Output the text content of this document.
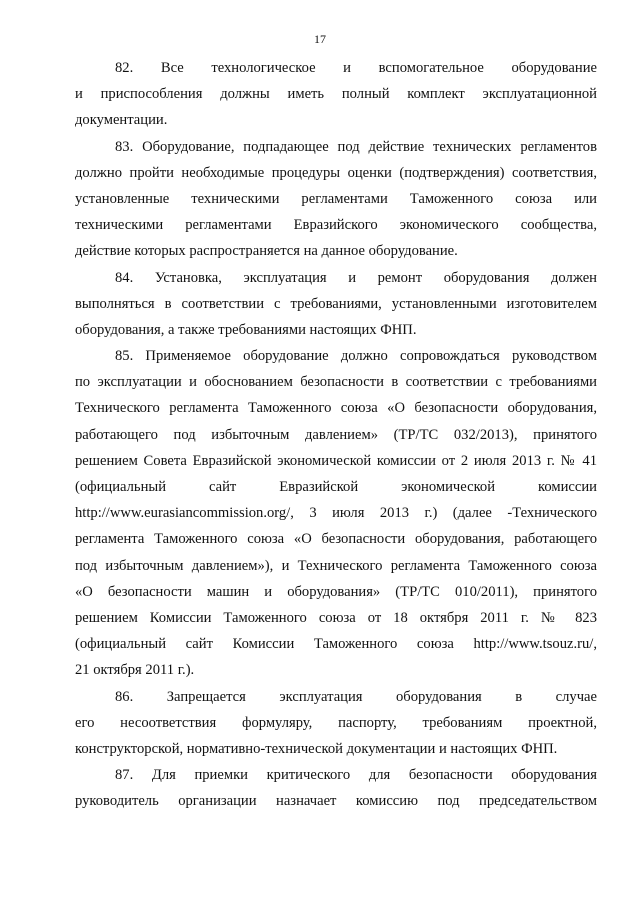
17
82. Все технологическое и вспомогательное оборудование
и приспособления должны иметь полный комплект эксплуатационной
документации.
83. Оборудование, подпадающее под действие технических регламентов
должно пройти необходимые процедуры оценки (подтверждения) соответствия,
установленные техническими регламентами Таможенного союза или
техническими регламентами Евразийского экономического сообщества,
действие которых распространяется на данное оборудование.
84. Установка, эксплуатация и ремонт оборудования должен
выполняться в соответствии с требованиями, установленными изготовителем
оборудования, а также требованиями настоящих ФНП.
85. Применяемое оборудование должно сопровождаться руководством
по эксплуатации и обоснованием безопасности в соответствии с требованиями
Технического регламента Таможенного союза «О безопасности оборудования,
работающего под избыточным давлением» (ТР/ТС 032/2013), принятого
решением Совета Евразийской экономической комиссии от 2 июля 2013 г. № 41
(официальный сайт Евразийской экономической комиссии
http://www.eurasiancommission.org/, 3 июля 2013 г.) (далее -Технического
регламента Таможенного союза «О безопасности оборудования, работающего
под избыточным давлением»), и Технического регламента Таможенного союза
«О безопасности машин и оборудования» (ТР/ТС 010/2011), принятого
решением Комиссии Таможенного союза от 18 октября 2011 г. № 823
(официальный сайт Комиссии Таможенного союза http://www.tsouz.ru/,
21 октября 2011 г.).
86. Запрещается эксплуатация оборудования в случае
его несоответствия формуляру, паспорту, требованиям проектной,
конструкторской, нормативно-технической документации и настоящих ФНП.
87. Для приемки критического для безопасности оборудования
руководитель организации назначает комиссию под председательством
